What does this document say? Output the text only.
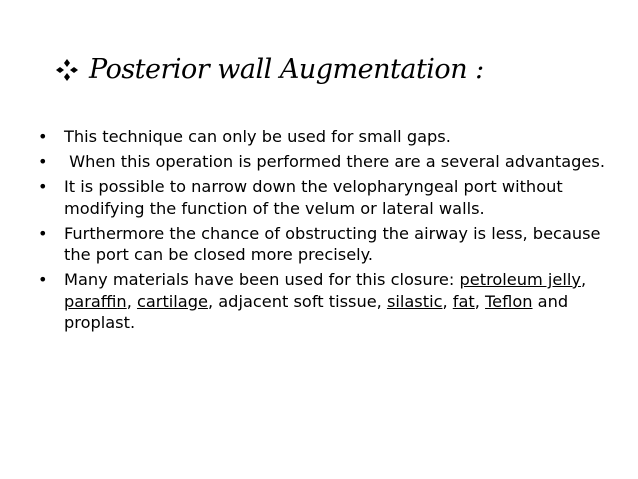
Posterior wall Augmentation :
• This technique can only be used for small gaps.
• When this operation is performed there are a several advantages.
• It is possible to narrow down the velopharyngeal port without modifying the function of the velum or lateral walls.
• Furthermore the chance of obstructing the airway is less, because the port can be closed more precisely.
• Many materials have been used for this closure: petroleum jelly, paraffin, cartilage, adjacent soft tissue, silastic, fat, Teflon and proplast.
